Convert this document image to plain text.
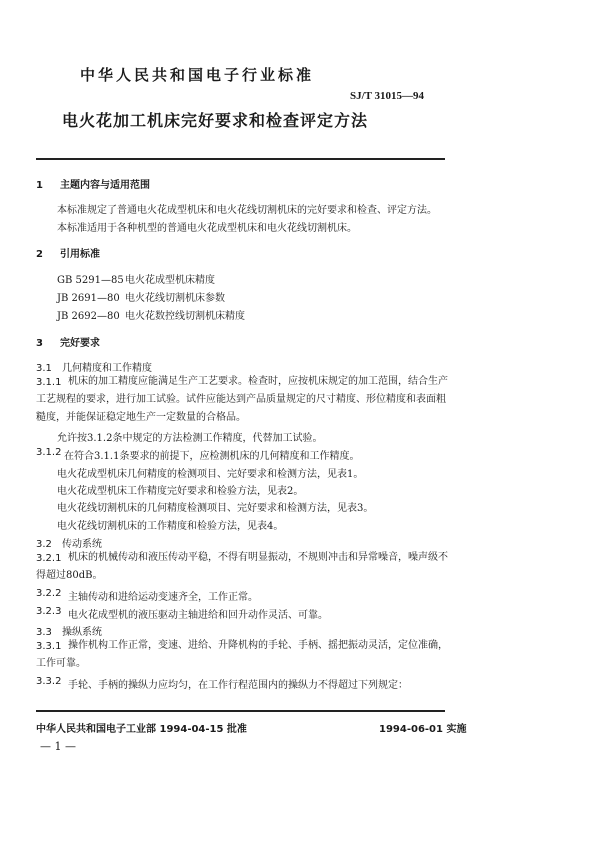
中华人民共和国电子行业标准
SJ/T 31015—94
电火花加工机床完好要求和检查评定方法
1 主题内容与适用范围
本标准规定了普通电火花成型机床和电火花线切割机床的完好要求和检查、评定方法。
本标准适用于各种机型的普通电火花成型机床和电火花线切割机床。
2 引用标准
GB 5291—85电火花成型机床精度
JB 2691—80 电火花线切割机床参数
JB 2692—80 电火花数控线切割机床精度
3 完好要求
3.1 几何精度和工作精度
3.1.1 机床的加工精度应能满足生产工艺要求。检查时，应按机床规定的加工范围，结合生产工艺规程的要求，进行加工试验。试件应能达到产品质量规定的尺寸精度、形位精度和表面粗糙度，并能保证稳定地生产一定数量的合格品。
允许按3.1.2条中规定的方法检测工作精度，代替加工试验。
3.1.2 在符合3.1.1条要求的前提下，应检测机床的几何精度和工作精度。
电火花成型机床几何精度的检测项目、完好要求和检测方法，见表1。
电火花成型机床工作精度完好要求和检验方法，见表2。
电火花线切割机床的几何精度检测项目、完好要求和检测方法，见表3。
电火花线切割机床的工作精度和检验方法，见表4。
3.2 传动系统
3.2.1 机床的机械传动和液压传动平稳，不得有明显振动，不规则冲击和异常噪音，噪声级不得超过80dB。
3.2.2 主轴传动和进给运动变速齐全，工作正常。
3.2.3 电火花成型机的液压驱动主轴进给和回升动作灵活、可靠。
3.3 操纵系统
3.3.1 操作机构工作正常，变速、进给、升降机构的手轮、手柄、摇把振动灵活，定位准确，工作可靠。
3.3.2 手轮、手柄的操纵力应均匀，在工作行程范围内的操纵力不得超过下列规定：
中华人民共和国电子工业部 1994-04-15 批准	1994-06-01 实施
— 1 —
